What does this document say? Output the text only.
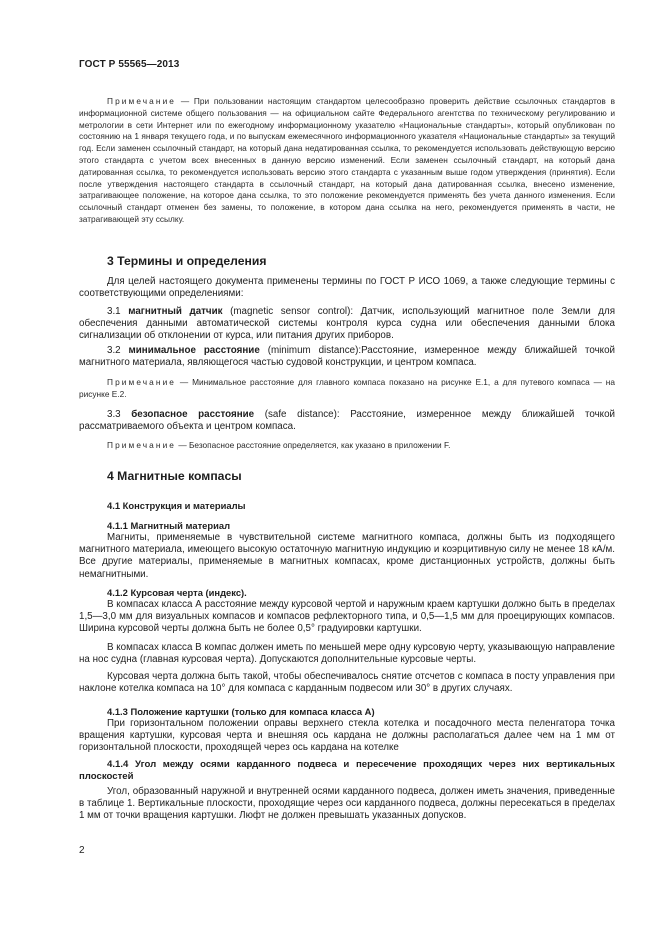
ГОСТ Р 55565—2013
Примечание — При пользовании настоящим стандартом целесообразно проверить действие ссылочных стандартов в информационной системе общего пользования — на официальном сайте Федерального агентства по техническому регулированию и метрологии в сети Интернет или по ежегодному информационному указателю «Национальные стандарты», который опубликован по состоянию на 1 января текущего года, и по выпускам ежемесячного информационного указателя «Национальные стандарты» за текущий год. Если заменен ссылочный стандарт, на который дана недатированная ссылка, то рекомендуется использовать действующую версию этого стандарта с учетом всех внесенных в данную версию изменений. Если заменен ссылочный стандарт, на который дана датированная ссылка, то рекомендуется использовать версию этого стандарта с указанным выше годом утверждения (принятия). Если после утверждения настоящего стандарта в ссылочный стандарт, на который дана датированная ссылка, внесено изменение, затрагивающее положение, на которое дана ссылка, то это положение рекомендуется применять без учета данного изменения. Если ссылочный стандарт отменен без замены, то положение, в котором дана ссылка на него, рекомендуется применять в части, не затрагивающей эту ссылку.
3 Термины и определения
Для целей настоящего документа применены термины по ГОСТ Р ИСО 1069, а также следующие термины с соответствующими определениями:
3.1 магнитный датчик (magnetic sensor control): Датчик, использующий магнитное поле Земли для обеспечения данными автоматической системы контроля курса судна или обеспечения данными блока сигнализации об отклонении от курса, или питания других приборов.
3.2 минимальное расстояние (minimum distance):Расстояние, измеренное между ближайшей точкой магнитного материала, являющегося частью судовой конструкции, и центром компаса.
Примечание — Минимальное расстояние для главного компаса показано на рисунке Е.1, а для путевого компаса — на рисунке Е.2.
3.3 безопасное расстояние (safe distance): Расстояние, измеренное между ближайшей точкой рассматриваемого объекта и центром компаса.
Примечание — Безопасное расстояние определяется, как указано в приложении F.
4 Магнитные компасы
4.1 Конструкция и материалы
4.1.1 Магнитный материал
Магниты, применяемые в чувствительной системе магнитного компаса, должны быть из подходящего магнитного материала, имеющего высокую остаточную магнитную индукцию и коэрцитивную силу не менее 18 кА/м. Все другие материалы, применяемые в магнитных компасах, кроме дистанционных устройств, должны быть немагнитными.
4.1.2 Курсовая черта (индекс).
В компасах класса А расстояние между курсовой чертой и наружным краем картушки должно быть в пределах 1,5—3,0 мм для визуальных компасов и компасов рефлекторного типа, и 0,5—1,5 мм для проецирующих компасов. Ширина курсовой черты должна быть не более 0,5° градуировки картушки.
В компасах класса В компас должен иметь по меньшей мере одну курсовую черту, указывающую направление на нос судна (главная курсовая черта). Допускаются дополнительные курсовые черты.
Курсовая черта должна быть такой, чтобы обеспечивалось снятие отсчетов с компаса в посту управления при наклоне котелка компаса на 10° для компаса с карданным подвесом или 30° в других случаях.
4.1.3 Положение картушки (только для компаса класса А)
При горизонтальном положении оправы верхнего стекла котелка и посадочного места пеленгатора точка вращения картушки, курсовая черта и внешняя ось кардана не должны располагаться далее чем на 1 мм от горизонтальной плоскости, проходящей через ось кардана на котелке
4.1.4 Угол между осями карданного подвеса и пересечение проходящих через них вертикальных плоскостей
Угол, образованный наружной и внутренней осями карданного подвеса, должен иметь значения, приведенные в таблице 1. Вертикальные плоскости, проходящие через оси карданного подвеса, должны пересекаться в пределах 1 мм от точки вращения картушки. Люфт не должен превышать указанных допусков.
2
